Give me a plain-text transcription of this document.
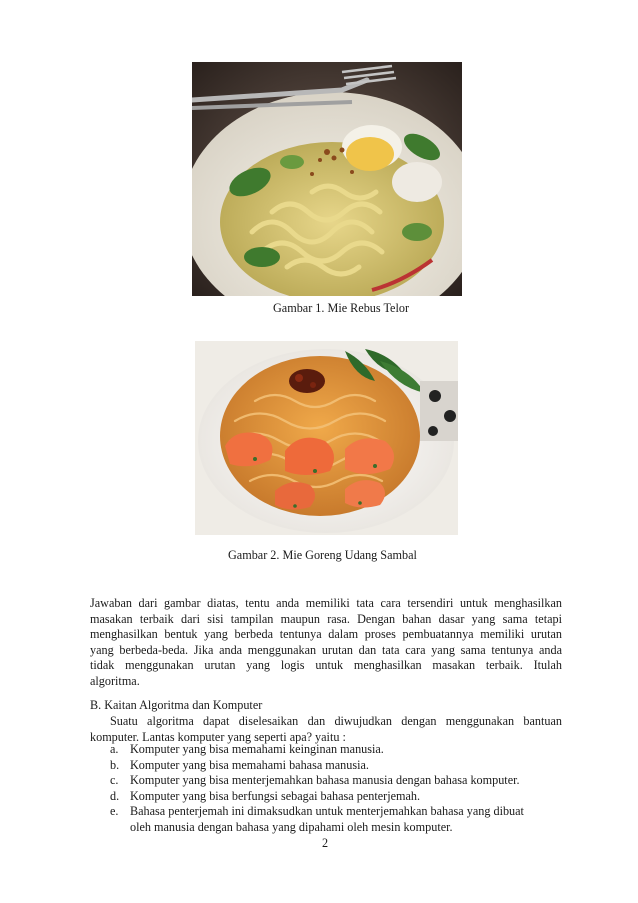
Gambar 1. Mie Rebus Telor
Gambar 2. Mie Goreng Udang Sambal
Jawaban dari gambar diatas, tentu anda memiliki tata cara tersendiri untuk menghasilkan
masakan terbaik dari sisi tampilan maupun rasa. Dengan bahan dasar yang sama tetapi
menghasilkan bentuk yang berbeda tentunya dalam proses pembuatannya memiliki urutan
yang berbeda-beda. Jika anda menggunakan urutan dan tata cara yang sama tentunya anda
tidak menggunakan urutan yang logis untuk menghasilkan masakan terbaik. Itulah
algoritma.
B. Kaitan Algoritma dan Komputer
Suatu algoritma dapat diselesaikan dan diwujudkan dengan menggunakan bantuan
komputer. Lantas komputer yang seperti apa? yaitu :
a. Komputer yang bisa memahami keinginan manusia.
b. Komputer yang bisa memahami bahasa manusia.
c. Komputer yang bisa menterjemahkan bahasa manusia dengan bahasa komputer.
d. Komputer yang bisa berfungsi sebagai bahasa penterjemah.
e. Bahasa penterjemah ini dimaksudkan untuk menterjemahkan bahasa yang dibuat
oleh manusia dengan bahasa yang dipahami oleh mesin komputer.
2
